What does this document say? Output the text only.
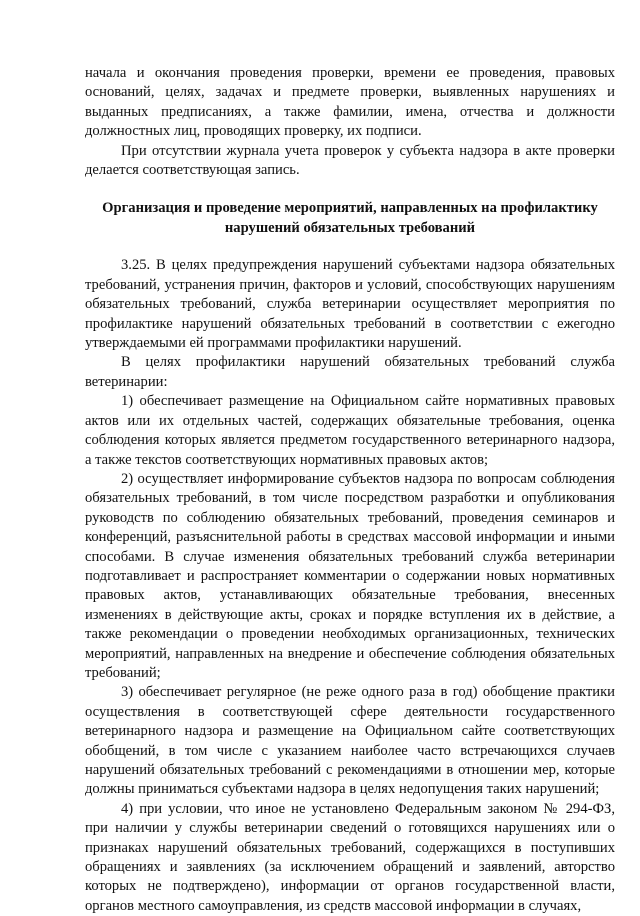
начала и окончания проведения проверки, времени ее проведения, правовых оснований, целях, задачах и предмете проверки, выявленных нарушениях и выданных предписаниях, а также фамилии, имена, отчества и должности должностных лиц, проводящих проверку, их подписи.

При отсутствии журнала учета проверок у субъекта надзора в акте проверки делается соответствующая запись.

Организация и проведение мероприятий, направленных на профилактику нарушений обязательных требований

3.25. В целях предупреждения нарушений субъектами надзора обязательных требований, устранения причин, факторов и условий, способствующих нарушениям обязательных требований, служба ветеринарии осуществляет мероприятия по профилактике нарушений обязательных требований в соответствии с ежегодно утверждаемыми ей программами профилактики нарушений.

В целях профилактики нарушений обязательных требований служба ветеринарии:

1) обеспечивает размещение на Официальном сайте нормативных правовых актов или их отдельных частей, содержащих обязательные требования, оценка соблюдения которых является предметом государственного ветеринарного надзора, а также текстов соответствующих нормативных правовых актов;

2) осуществляет информирование субъектов надзора по вопросам соблюдения обязательных требований, в том числе посредством разработки и опубликования руководств по соблюдению обязательных требований, проведения семинаров и конференций, разъяснительной работы в средствах массовой информации и иными способами. В случае изменения обязательных требований служба ветеринарии подготавливает и распространяет комментарии о содержании новых нормативных правовых актов, устанавливающих обязательные требования, внесенных изменениях в действующие акты, сроках и порядке вступления их в действие, а также рекомендации о проведении необходимых организационных, технических мероприятий, направленных на внедрение и обеспечение соблюдения обязательных требований;

3) обеспечивает регулярное (не реже одного раза в год) обобщение практики осуществления в соответствующей сфере деятельности государственного ветеринарного надзора и размещение на Официальном сайте соответствующих обобщений, в том числе с указанием наиболее часто встречающихся случаев нарушений обязательных требований с рекомендациями в отношении мер, которые должны приниматься субъектами надзора в целях недопущения таких нарушений;

4) при условии, что иное не установлено Федеральным законом № 294-ФЗ, при наличии у службы ветеринарии сведений о готовящихся нарушениях или о признаках нарушений обязательных требований, содержащихся в поступивших обращениях и заявлениях (за исключением обращений и заявлений, авторство которых не подтверждено), информации от органов государственной власти, органов местного самоуправления, из средств массовой информации в случаях,
